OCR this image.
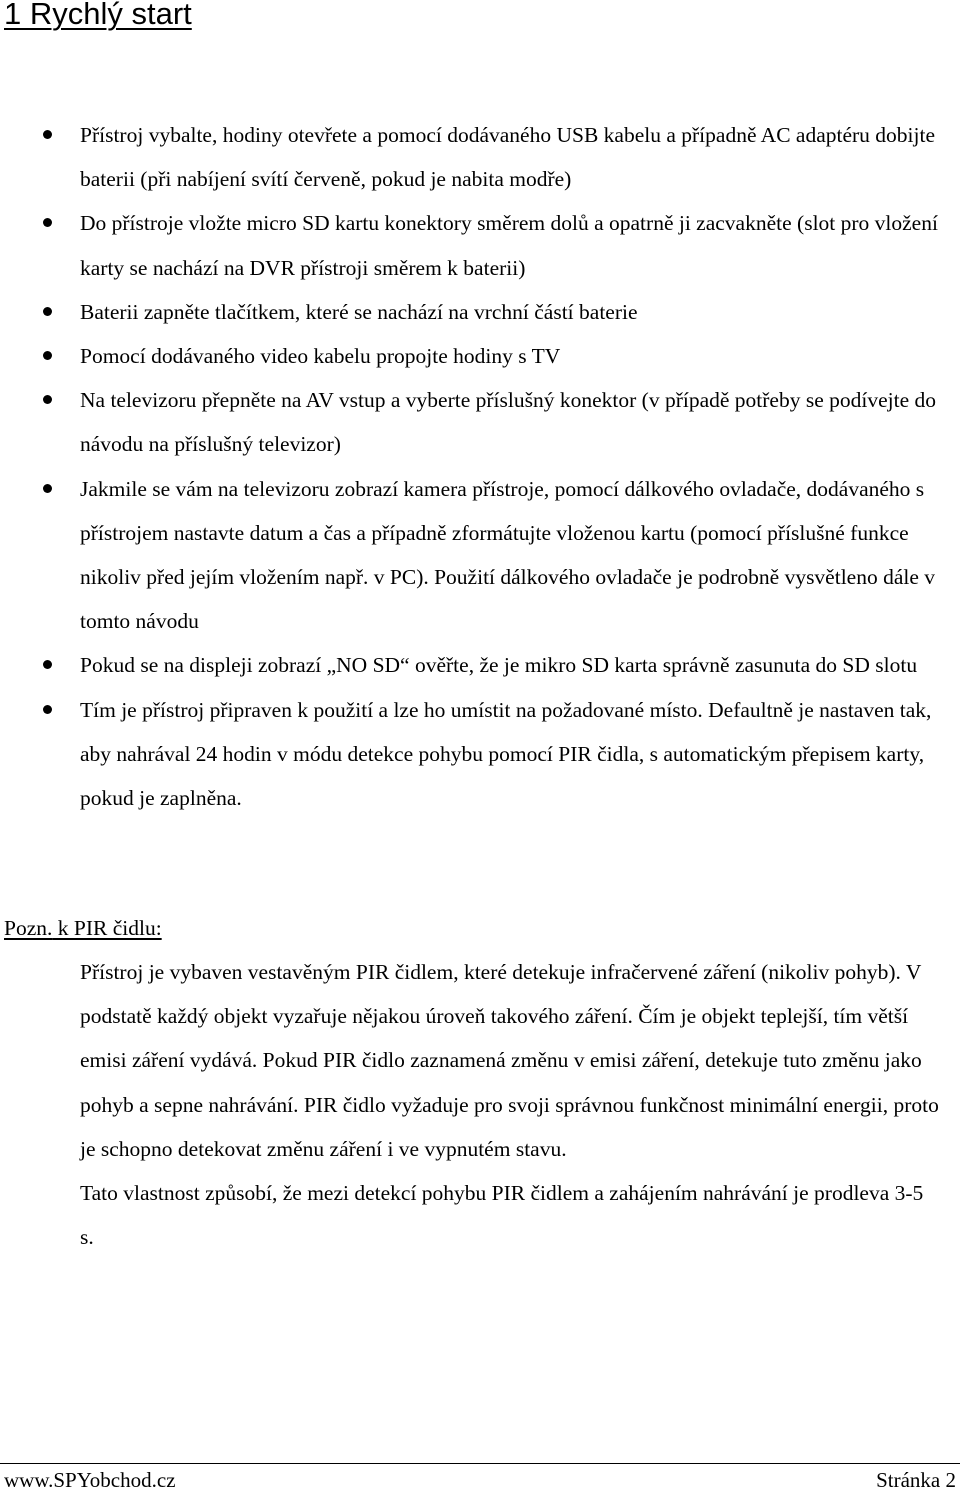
1 Rychlý start
Přístroj vybalte, hodiny otevřete a pomocí dodávaného USB kabelu a případně AC adaptéru dobijte baterii (při nabíjení svítí červeně, pokud je nabita modře)
Do přístroje vložte micro SD kartu konektory směrem dolů a opatrně ji zacvakněte (slot pro vložení karty se nachází na DVR přístroji směrem k baterii)
Baterii zapněte tlačítkem, které se nachází na vrchní částí baterie
Pomocí dodávaného video kabelu propojte hodiny s TV
Na televizoru přepněte na AV vstup a vyberte příslušný konektor (v případě potřeby se podívejte do návodu na příslušný televizor)
Jakmile se vám na televizoru zobrazí kamera přístroje, pomocí dálkového ovladače, dodávaného s přístrojem nastavte datum a čas a případně zformátujte vloženou kartu (pomocí příslušné funkce nikoliv před jejím vložením např. v PC). Použití dálkového ovladače je podrobně vysvětleno dále v tomto návodu
Pokud se na displeji zobrazí „NO SD“ ověřte, že je mikro SD karta správně zasunuta do SD slotu
Tím je přístroj připraven k použití a lze ho umístit na požadované místo. Defaultně je nastaven tak, aby nahrával 24 hodin v módu detekce pohybu pomocí PIR čidla, s automatickým přepisem karty, pokud je zaplněna.

Pozn. k PIR čidlu:

Přístroj je vybaven vestavěným PIR čidlem, které detekuje infračervené záření (nikoliv pohyb). V podstatě každý objekt vyzařuje nějakou úroveň takového záření. Čím je objekt teplejší, tím větší emisi záření vydává. Pokud PIR čidlo zaznamená změnu v emisi záření, detekuje tuto změnu jako pohyb a sepne nahrávání. PIR čidlo vyžaduje pro svoji správnou funkčnost minimální energii, proto je schopno detekovat změnu záření i ve vypnutém stavu.

Tato vlastnost způsobí, že mezi detekcí pohybu PIR čidlem a zahájením nahrávání je prodleva 3-5 s.

www.SPYobchod.cz	Stránka 2
